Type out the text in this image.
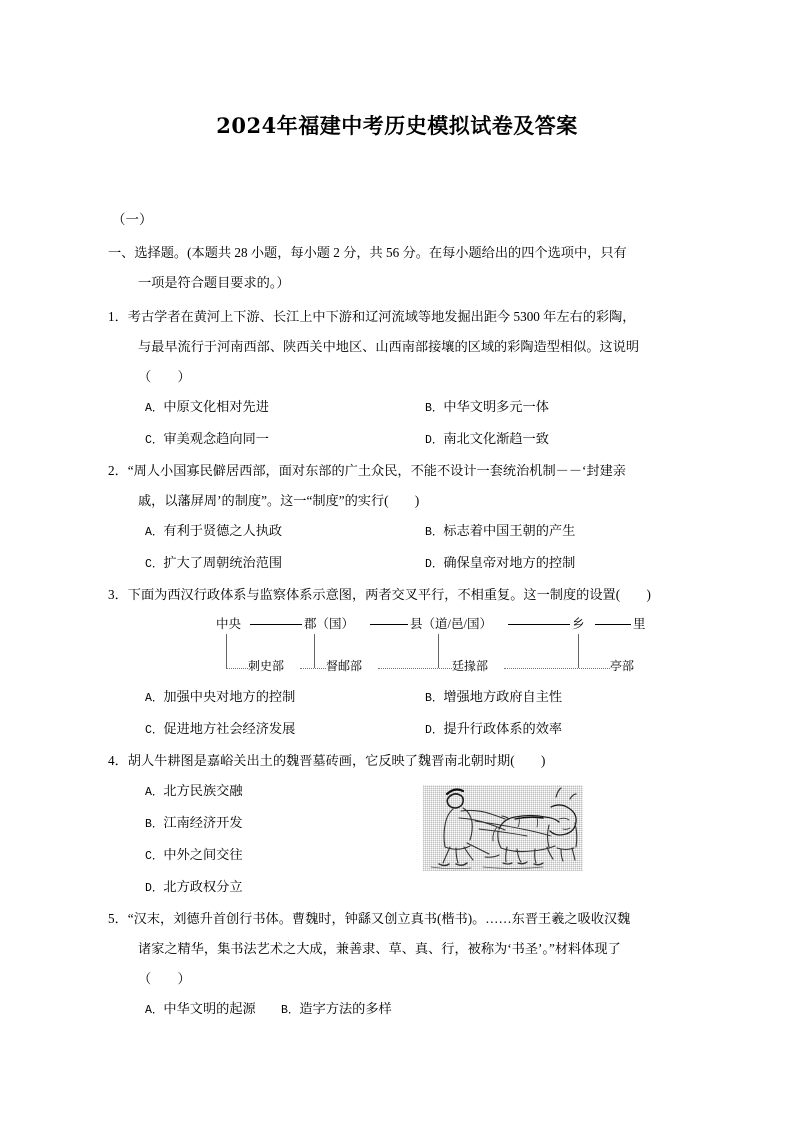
2024年福建中考历史模拟试卷及答案
（一）
一、选择题。(本题共 28 小题，每小题 2 分，共 56 分。在每小题给出的四个选项中，只有
一项是符合题目要求的。）
1．考古学者在黄河上下游、长江上中下游和辽河流域等地发掘出距今 5300 年左右的彩陶，
与最早流行于河南西部、陕西关中地区、山西南部接壤的区域的彩陶造型相似。这说明
（　　）
A．中原文化相对先进	B．中华文明多元一体
C．审美观念趋向同一	D．南北文化渐趋一致
2．“周人小国寡民僻居西部，面对东部的广土众民，不能不设计一套统治机制－－‘封建亲
戚，以藩屏周’的制度”。这一“制度”的实行(　　)
A．有利于贤德之人执政	B．标志着中国王朝的产生
C．扩大了周朝统治范围	D．确保皇帝对地方的控制
3．下面为西汉行政体系与监察体系示意图，两者交叉平行，不相重复。这一制度的设置(　　)
中央	郡（国）	县（道/邑/国）	乡	里
刺史部	督邮部	廷掾部	亭部
A．加强中央对地方的控制	B．增强地方政府自主性
C．促进地方社会经济发展	D．提升行政体系的效率
4．胡人牛耕图是嘉峪关出土的魏晋墓砖画，它反映了魏晋南北朝时期(　　)
A．北方民族交融
B．江南经济开发
C．中外之间交往
D．北方政权分立
5．“汉末，刘德升首创行书体。曹魏时，钟繇又创立真书(楷书)。……东晋王羲之吸收汉魏
诸家之精华，集书法艺术之大成，兼善隶、草、真、行，被称为‘书圣’。”材料体现了
（　　）
A．中华文明的起源 B．造字方法的多样
